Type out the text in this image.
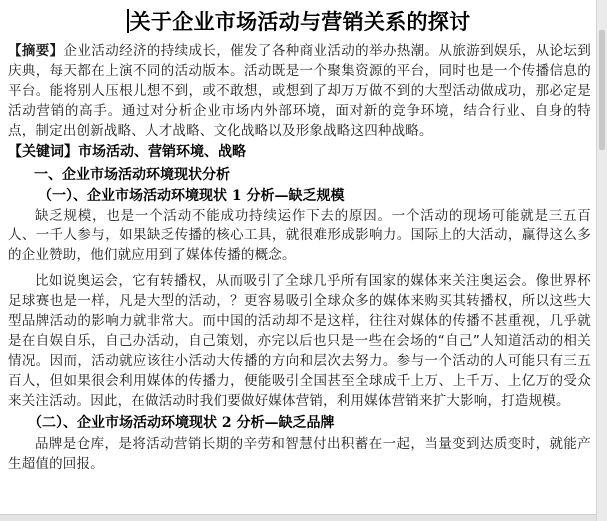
关于企业市场活动与营销关系的探讨

【摘要】企业活动经济的持续成长，催发了各种商业活动的举办热潮。从旅游到娱乐，从论坛到庆典，每天都在上演不同的活动版本。活动既是一个聚集资源的平台，同时也是一个传播信息的平台。能将别人压根儿想不到，或不敢想，或想到了却万万做不到的大型活动做成功，那必定是活动营销的高手。通过对分析企业市场内外部环境，面对新的竞争环境，结合行业、自身的特点，制定出创新战略、人才战略、文化战略以及形象战略这四种战略。

【关键词】市场活动、营销环境、战略

一、企业市场活动环境现状分析

（一）、企业市场活动环境现状 1 分析—缺乏规模

缺乏规模，也是一个活动不能成功持续运作下去的原因。一个活动的现场可能就是三五百人、一千人参与，如果缺乏传播的核心工具，就很难形成影响力。国际上的大活动，赢得这么多的企业赞助，他们就应用到了媒体传播的概念。

比如说奥运会，它有转播权，从而吸引了全球几乎所有国家的媒体来关注奥运会。像世界杯足球赛也是一样，凡是大型的活动，？更容易吸引全球众多的媒体来购买其转播权，所以这些大型品牌活动的影响力就非常大。而中国的活动却不是这样，往往对媒体的传播不甚重视，几乎就是在自娱自乐，自己办活动，自己策划，亦完以后也只是一些在会场的“自己”人知道活动的相关情况。因而，活动就应该往小活动大传播的方向和层次去努力。参与一个活动的人可能只有三五百人，但如果很会利用媒体的传播力，便能吸引全国甚至全球成千上万、上千万、上亿万的受众来关注活动。因此，在做活动时我们要做好媒体营销，利用媒体营销来扩大影响，打造规模。

（二）、企业市场活动环境现状 2 分析—缺乏品牌

品牌是仓库，是将活动营销长期的辛劳和智慧付出积蓄在一起，当量变到达质变时，就能产生超值的回报。
